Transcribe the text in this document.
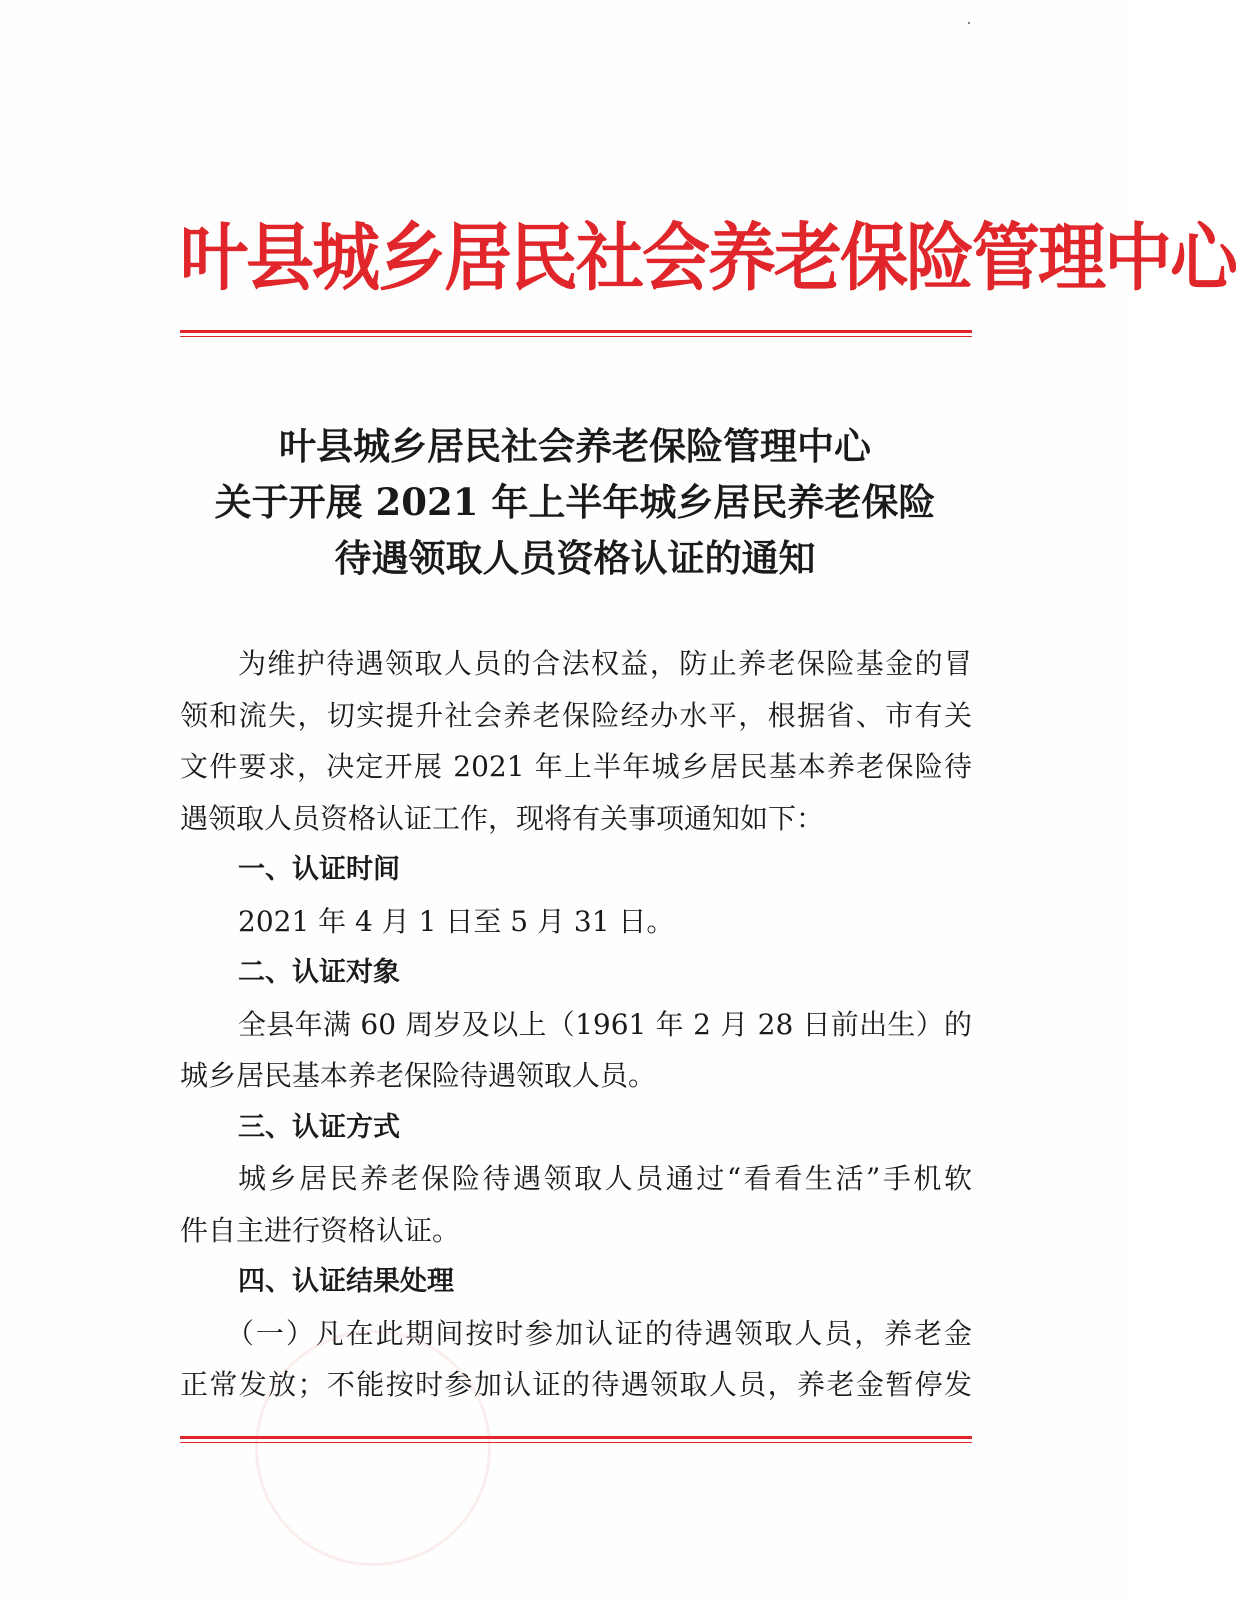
叶县城乡居民社会养老保险管理中心
叶县城乡居民社会养老保险管理中心
关于开展 2021 年上半年城乡居民养老保险
待遇领取人员资格认证的通知

为维护待遇领取人员的合法权益，防止养老保险基金的冒

领和流失，切实提升社会养老保险经办水平，根据省、市有关
文件要求，决定开展 2021 年上半年城乡居民基本养老保险待
遇领取人员资格认证工作，现将有关事项通知如下：

一、认证时间
2021 年 4 月 1 日至 5 月 31 日。
二、认证对象

全县年满 60 周岁及以上（1961 年 2 月 28 日前出生）的

城乡居民基本养老保险待遇领取人员。

三、认证方式

城乡居民养老保险待遇领取人员通过“看看生活”手机软

件自主进行资格认证。

四、认证结果处理

（一）凡在此期间按时参加认证的待遇领取人员，养老金

正常发放；不能按时参加认证的待遇领取人员，养老金暂停发
